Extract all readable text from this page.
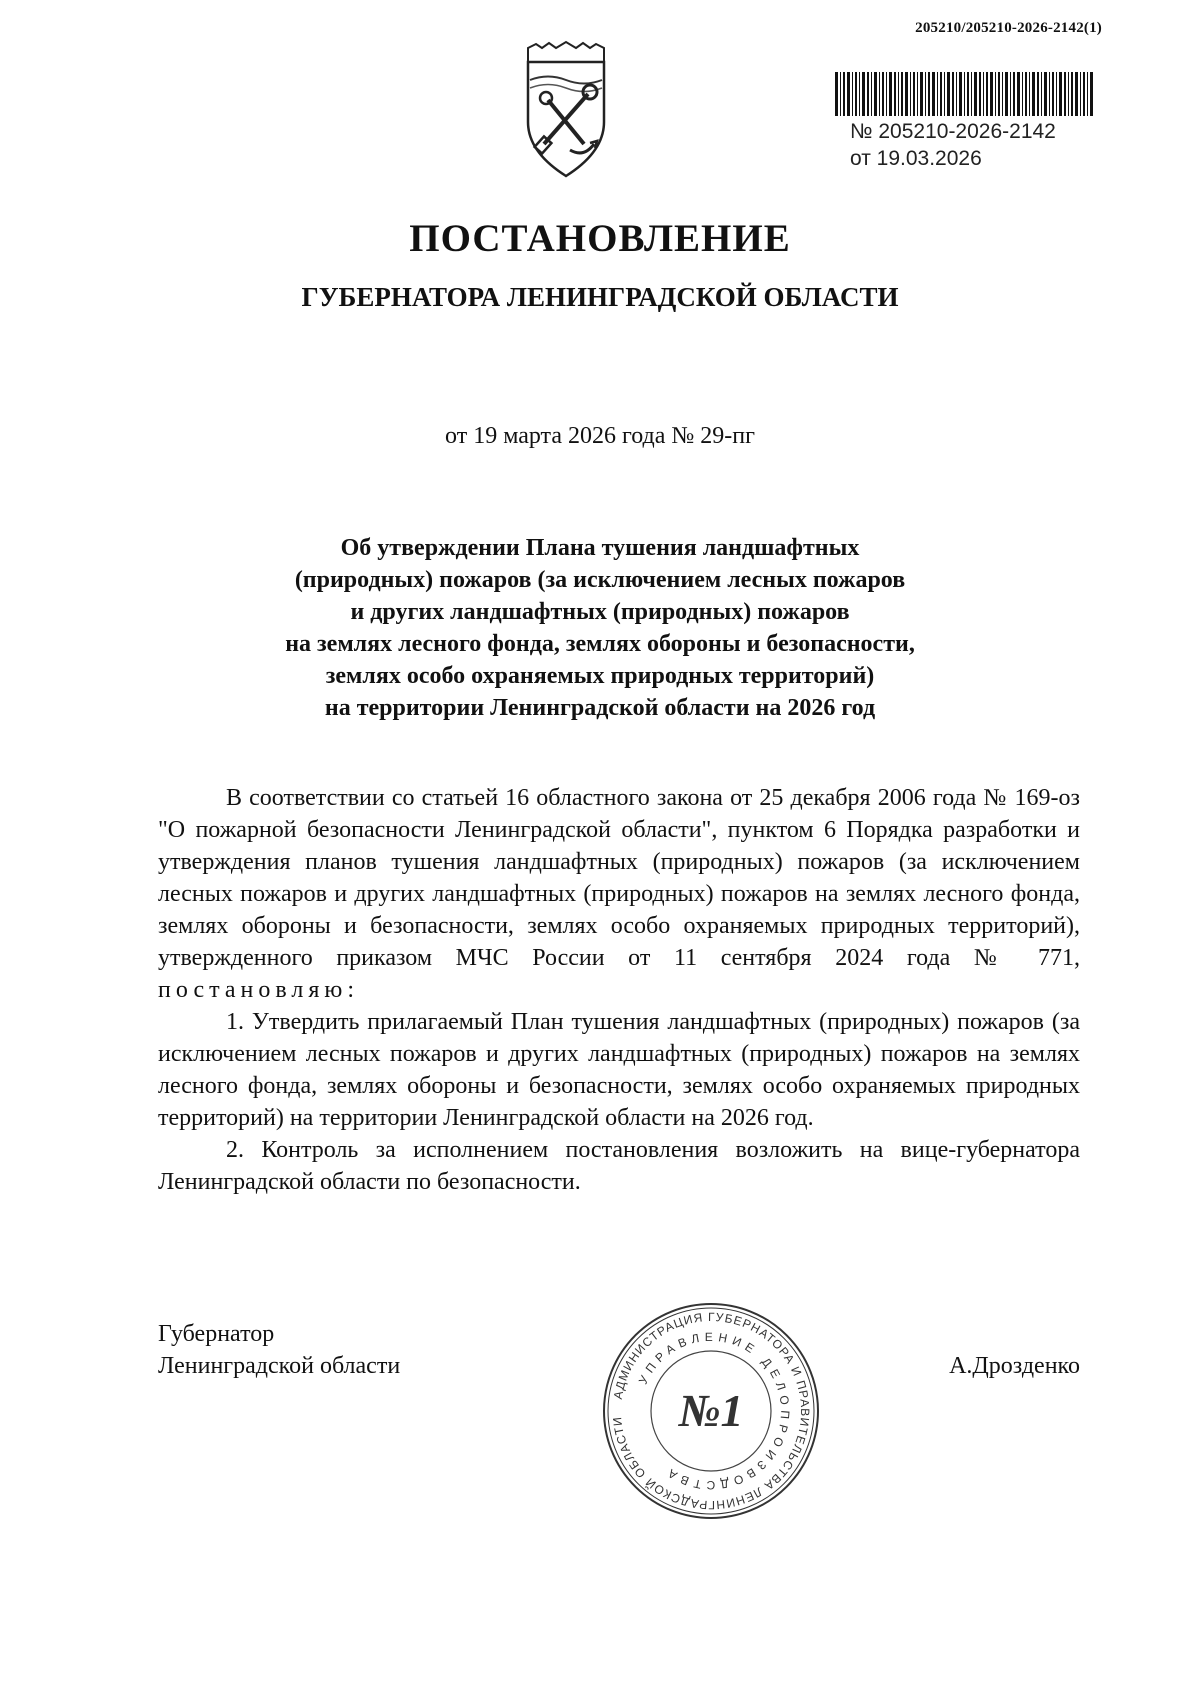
205210/205210-2026-2142(1)
№ 205210-2026-2142
от 19.03.2026
ПОСТАНОВЛЕНИЕ
ГУБЕРНАТОРА ЛЕНИНГРАДСКОЙ ОБЛАСТИ

от 19 марта 2026 года № 29-пг

Об утверждении Плана тушения ландшафтных
(природных) пожаров (за исключением лесных пожаров
и других ландшафтных (природных) пожаров
на землях лесного фонда, землях обороны и безопасности,
землях особо охраняемых природных территорий)
на территории Ленинградской области на 2026 год

В соответствии со статьей 16 областного закона от 25 декабря 2006 года № 169-оз "О пожарной безопасности Ленинградской области", пунктом 6 Порядка разработки и утверждения планов тушения ландшафтных (природных) пожаров (за исключением лесных пожаров и других ландшафтных (природных) пожаров на землях лесного фонда, землях обороны и безопасности, землях особо охраняемых природных территорий), утвержденного приказом МЧС России от 11 сентября 2024 года № 771, постановляю:

1. Утвердить прилагаемый План тушения ландшафтных (природных) пожаров (за исключением лесных пожаров и других ландшафтных (природных) пожаров на землях лесного фонда, землях обороны и безопасности, землях особо охраняемых природных территорий) на территории Ленинградской области на 2026 год.

2. Контроль за исполнением постановления возложить на вице-губернатора Ленинградской области по безопасности.

Губернатор
Ленинградской области	А.Дрозденко
АДМИНИСТРАЦИЯ ГУБЕРНАТОРА И ПРАВИТЕЛЬСТВА ЛЕНИНГРАДСКОЙ ОБЛАСТИ
УПРАВЛЕНИЕ ДЕЛОПРОИЗВОДСТВА
№1
